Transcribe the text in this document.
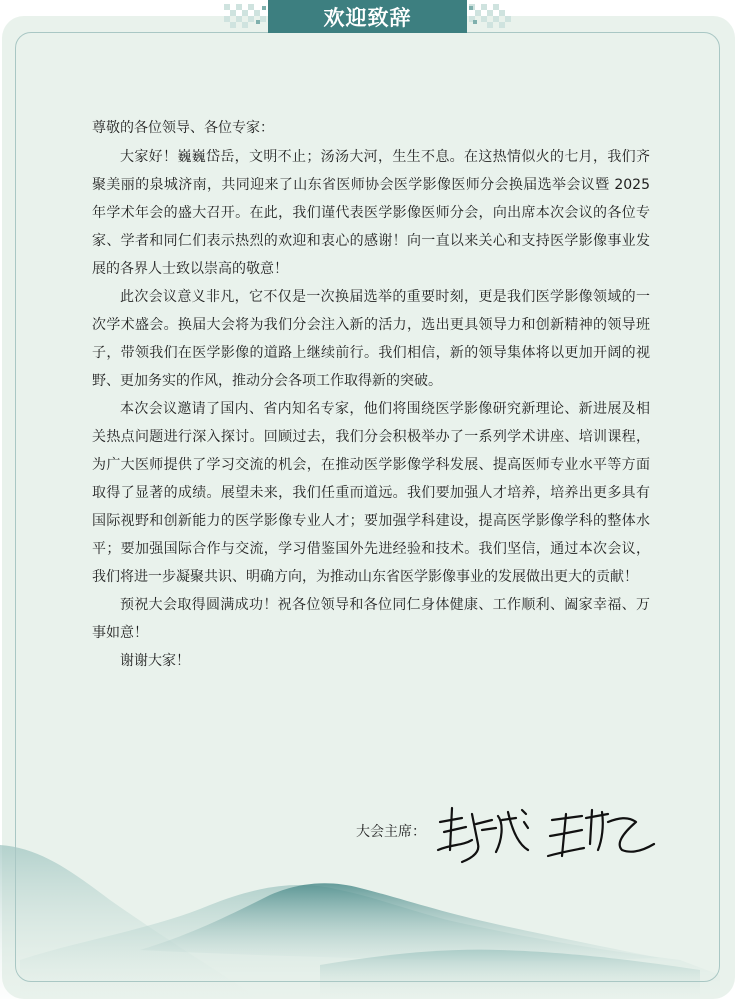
欢迎致辞

尊敬的各位领导、各位专家：

大家好！巍巍岱岳，文明不止；汤汤大河，生生不息。在这热情似火的七月，我们齐聚美丽的泉城济南，共同迎来了山东省医师协会医学影像医师分会换届选举会议暨 2025 年学术年会的盛大召开。在此，我们谨代表医学影像医师分会，向出席本次会议的各位专家、学者和同仁们表示热烈的欢迎和衷心的感谢！向一直以来关心和支持医学影像事业发展的各界人士致以崇高的敬意！

此次会议意义非凡，它不仅是一次换届选举的重要时刻，更是我们医学影像领域的一次学术盛会。换届大会将为我们分会注入新的活力，选出更具领导力和创新精神的领导班子，带领我们在医学影像的道路上继续前行。我们相信，新的领导集体将以更加开阔的视野、更加务实的作风，推动分会各项工作取得新的突破。

本次会议邀请了国内、省内知名专家，他们将围绕医学影像研究新理论、新进展及相关热点问题进行深入探讨。回顾过去，我们分会积极举办了一系列学术讲座、培训课程，为广大医师提供了学习交流的机会，在推动医学影像学科发展、提高医师专业水平等方面取得了显著的成绩。展望未来，我们任重而道远。我们要加强人才培养，培养出更多具有国际视野和创新能力的医学影像专业人才；要加强学科建设，提高医学影像学科的整体水平；要加强国际合作与交流，学习借鉴国外先进经验和技术。我们坚信，通过本次会议，我们将进一步凝聚共识、明确方向，为推动山东省医学影像事业的发展做出更大的贡献！

预祝大会取得圆满成功！祝各位领导和各位同仁身体健康、工作顺利、阖家幸福、万事如意！

谢谢大家！

大会主席：
